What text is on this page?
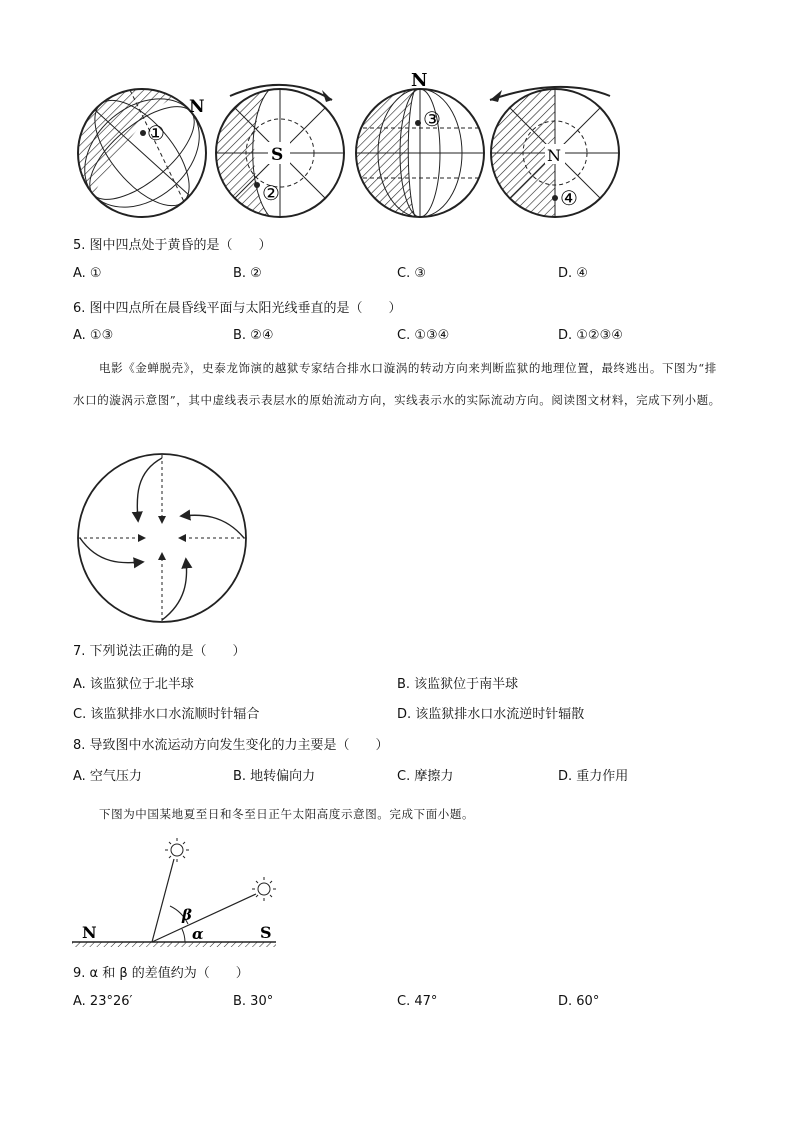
N
①
S
②
N
③
N
④
5. 图中四点处于黄昏的是（　　）
A. ①	B. ②	C. ③	D. ④
6. 图中四点所在晨昏线平面与太阳光线垂直的是（　　）
A. ①③	B. ②④	C. ①③④	D. ①②③④
电影《金蝉脱壳》，史泰龙饰演的越狱专家结合排水口漩涡的转动方向来判断监狱的地理位置，最终逃出。下图为“排水口的漩涡示意图”，其中虚线表示表层水的原始流动方向，实线表示水的实际流动方向。阅读图文材料，完成下列小题。
7. 下列说法正确的是（　　）
A. 该监狱位于北半球	B. 该监狱位于南半球
C. 该监狱排水口水流顺时针辐合	D. 该监狱排水口水流逆时针辐散
8. 导致图中水流运动方向发生变化的力主要是（　　）
A. 空气压力	B. 地转偏向力	C. 摩擦力	D. 重力作用
下图为中国某地夏至日和冬至日正午太阳高度示意图。完成下面小题。
N	S
β
α
9. α 和 β 的差值约为（　　）
A. 23°26′	B. 30°	C. 47°	D. 60°
